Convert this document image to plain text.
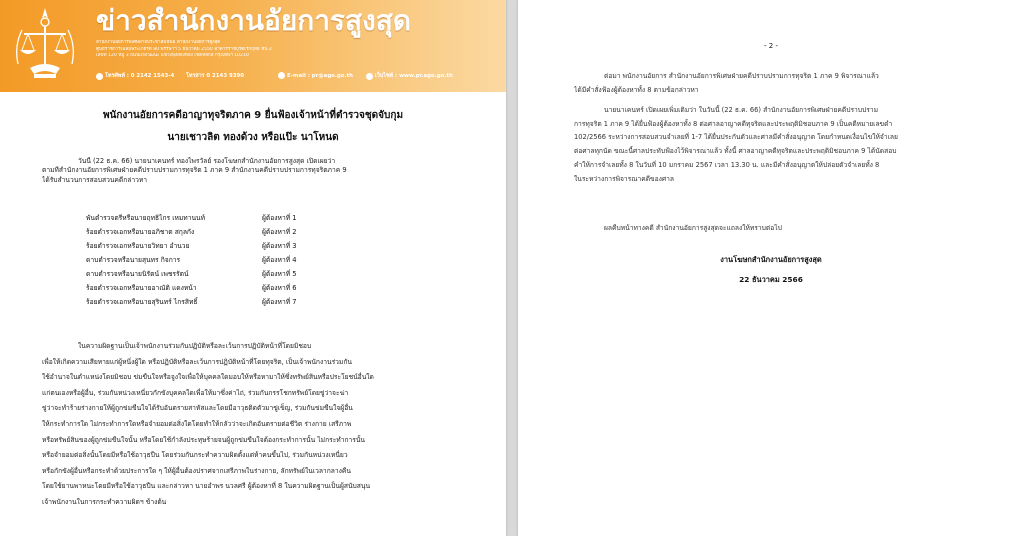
ข่าวสำนักงานอัยการสูงสุด
สำนักงานอัยการพิเศษฝ่ายประชาสัมพันธ์ สำนักงานอัยการสูงสุด
ศูนย์ราชการเฉลิมพระเกียรติ 80 พรรษาฯ 5 ธันวาคม 2550 อาคารราชบุรีดิเรกฤทธิ์ ชั้น 2
เลขที่ 120 หมู่ 3 ถนนแจ้งวัฒนะ แขวงทุ่งสองห้อง เขตหลักสี่ กรุงเทพฯ 10210
โทรศัพท์ : 0 2142 1543-4 โทรสาร 0 2143 9390	E-mail : pr@ago.go.th	เว็บไซต์ : www.pr.ago.go.th
พนักงานอัยการคดีอาญาทุจริตภาค 9 ยื่นฟ้องเจ้าหน้าที่ตำรวจชุดจับกุม
นายเชาวลิต ทองด้วง หรือแป๊ะ นาโหนด
วันนี้ (22 ธ.ค. 66) นายนาเคนทร์ ทองไพรวัลย์ รองโฆษกสำนักงานอัยการสูงสุด เปิดเผยว่า
ตามที่สำนักงานอัยการพิเศษฝ่ายคดีปราบปรามการทุจริต 1 ภาค 9 สำนักงานคดีปราบปรามการทุจริตภาค 9
ได้รับสำนวนการสอบสวนคดีกล่าวหา
พันตำรวจตรีหรือนายฤทธิไกร เหมทานนท์	ผู้ต้องหาที่ 1
ร้อยตำรวจเอกหรือนายอภิชาต สกุลกัง	ผู้ต้องหาที่ 2
ร้อยตำรวจเอกหรือนายวิทยา อำนวย	ผู้ต้องหาที่ 3
ดาบตำรวจหรือนายสุนทร กิจการ	ผู้ต้องหาที่ 4
ดาบตำรวจหรือนายนิรัตน์ เพชรรัตน์	ผู้ต้องหาที่ 5
ร้อยตำรวจเอกหรือนายอาณัติ แดงหน้า	ผู้ต้องหาที่ 6
ร้อยตำรวจเอกหรือนายสุรินทร์ ไกรสิทธิ์	ผู้ต้องหาที่ 7
ในความผิดฐานเป็นเจ้าพนักงานร่วมกันปฏิบัติหรือละเว้นการปฏิบัติหน้าที่โดยมิชอบ
เพื่อให้เกิดความเสียหายแก่ผู้หนึ่งผู้ใด หรือปฏิบัติหรือละเว้นการปฏิบัติหน้าที่โดยทุจริต, เป็นเจ้าพนักงานร่วมกัน
ใช้อำนาจในตำแหน่งโดยมิชอบ ข่มขืนใจหรือจูงใจเพื่อให้บุคคลใดมอบให้หรือหามาให้ซึ่งทรัพย์สินหรือประโยชน์อื่นใด
แก่ตนเองหรือผู้อื่น, ร่วมกันหน่วงเหนี่ยวกักขังบุคคลใดเพื่อให้มาซึ่งค่าไถ่, ร่วมกันกรรโชกทรัพย์โดยขู่ว่าจะฆ่า
ขู่ว่าจะทำร้ายร่างกายให้ผู้ถูกข่มขืนใจได้รับอันตรายสาหัสและโดยมีอาวุธติดตัวมาขู่เข็ญ, ร่วมกันข่มขืนใจผู้อื่น
ให้กระทำการใด ไม่กระทำการใดหรือจำยอมต่อสิ่งใดโดยทำให้กลัวว่าจะเกิดอันตรายต่อชีวิต ร่างกาย เสรีภาพ
หรือทรัพย์สินของผู้ถูกข่มขืนใจนั้น หรือโดยใช้กำลังประทุษร้ายจนผู้ถูกข่มขืนใจต้องกระทำการนั้น ไม่กระทำการนั้น
หรือจำยอมต่อสิ่งนั้นโดยมีหรือใช้อาวุธปืน โดยร่วมกันกระทำความผิดตั้งแต่ห้าคนขึ้นไป, ร่วมกันหน่วงเหนี่ยว
หรือกักขังผู้อื่นหรือกระทำด้วยประการใด ๆ ให้ผู้อื่นต้องปราศจากเสรีภาพในร่างกาย, ลักทรัพย์ในเวลากลางคืน
โดยใช้ยานพาหนะโดยมีหรือใช้อาวุธปืน และกล่าวหา นายอำพร นวลศรี ผู้ต้องหาที่ 8 ในความผิดฐานเป็นผู้สนับสนุน
เจ้าพนักงานในการกระทำความผิดฯ ข้างต้น
- 2 -
ต่อมา พนักงานอัยการ สำนักงานอัยการพิเศษฝ่ายคดีปราบปรามการทุจริต 1 ภาค 9 พิจารณาแล้ว
ได้มีคำสั่งฟ้องผู้ต้องหาทั้ง 8 ตามข้อกล่าวหา
นายนาเคนทร์ เปิดเผยเพิ่มเติมว่า ในวันนี้ (22 ธ.ค. 66) สำนักงานอัยการพิเศษฝ่ายคดีปราบปราม
การทุจริต 1 ภาค 9 ได้ยื่นฟ้องผู้ต้องหาทั้ง 8 ต่อศาลอาญาคดีทุจริตและประพฤติมิชอบภาค 9 เป็นคดีหมายเลขดำ
102/2566 ระหว่างการสอบสวนจำเลยที่ 1-7 ได้ยื่นประกันตัวและศาลมีคำสั่งอนุญาต โดยกำหนดเงื่อนไขให้จำเลย
ต่อศาลทุกนัด ขณะนี้ศาลประทับฟ้องไว้พิจารณาแล้ว ทั้งนี้ ศาลอาญาคดีทุจริตและประพฤติมิชอบภาค 9 ได้นัดสอบ
คำให้การจำเลยทั้ง 8 ในวันที่ 10 มกราคม 2567 เวลา 13.30 น. และมีคำสั่งอนุญาตให้ปล่อยตัวจำเลยทั้ง 8
ในระหว่างการพิจารณาคดีของศาล
ผลคืบหน้าทางคดี สำนักงานอัยการสูงสุดจะแถลงให้ทราบต่อไป
งานโฆษกสำนักงานอัยการสูงสุด
22 ธันวาคม 2566
